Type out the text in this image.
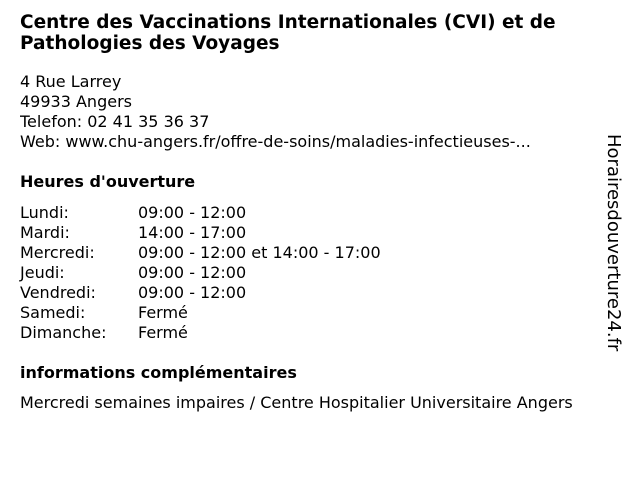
Centre des Vaccinations Internationales (CVI) et de Pathologies des Voyages
4 Rue Larrey
49933 Angers
Telefon: 02 41 35 36 37
Web: www.chu-angers.fr/offre-de-soins/maladies-infectieuses-...
Heures d'ouverture
Lundi:	09:00 - 12:00
Mardi:	14:00 - 17:00
Mercredi:	09:00 - 12:00 et 14:00 - 17:00
Jeudi:	09:00 - 12:00
Vendredi:	09:00 - 12:00
Samedi:	Fermé
Dimanche:	Fermé
informations complémentaires
Mercredi semaines impaires / Centre Hospitalier Universitaire Angers
Horairesdouverture24.fr
